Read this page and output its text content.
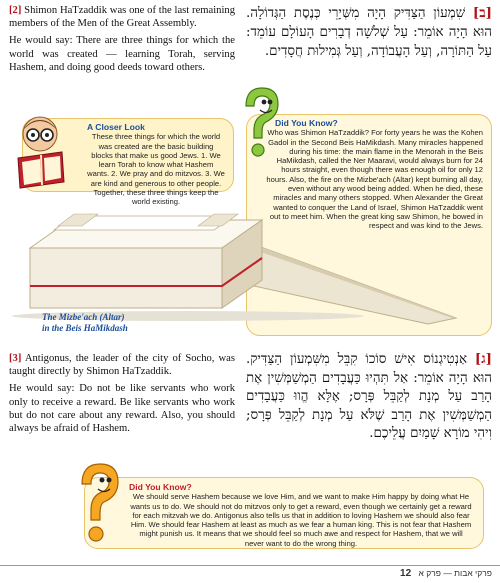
[2] Shimon HaTzaddik was one of the last remaining members of the Men of the Great Assembly.

He would say: There are three things for which the world was created — learning Torah, serving Hashem, and doing good deeds toward others.

[ב] שִׁמְעוֹן הַצַּדִּיק הָיָה מִשְּׁיָרֵי כְּנֶסֶת הַגְּדוֹלָה. הוּא הָיָה אוֹמֵר: עַל שְׁלֹשָׁה דְבָרִים הָעוֹלָם עוֹמֵד: עַל הַתּוֹרָה, וְעַל הָעֲבוֹדָה, וְעַל גְּמִילוּת חֲסָדִים.
A Closer Look
These three things for which the world was created are the basic building blocks that make us good Jews. 1. We learn Torah to know what Hashem wants. 2. We pray and do mitzvos. 3. We are kind and generous to other people. Together, these three things keep the world existing.
Did You Know?
Who was Shimon HaTzaddik? For forty years he was the Kohen Gadol in the Second Beis HaMikdash. Many miracles happened during his time: the main flame in the Menorah in the Beis HaMikdash, called the Ner Maaravi, would always burn for 24 hours straight, even though there was enough oil for only 12 hours. Also, the fire on the Mizbe'ach (Altar) kept burning all day, even without any wood being added. When he died, these miracles and many others stopped. When Alexander the Great wanted to conquer the Land of Israel, Shimon HaTzaddik went out to meet him. When the great king saw Shimon, he bowed in respect and was kind to the Jews.
The Mizbe'ach (Altar)
in the Beis HaMikdash

[3] Antigonus, the leader of the city of Socho, was taught directly by Shimon HaTzaddik.

He would say: Do not be like servants who work only to receive a reward. Be like servants who work but do not care about any reward. Also, you should always be afraid of Hashem.

[ג] אַנְטִיגְנוֹס אִישׁ סוֹכוֹ קִבֵּל מִשִּׁמְעוֹן הַצַּדִּיק. הוּא הָיָה אוֹמֵר: אַל תִּהְיוּ כַּעֲבָדִים הַמְשַׁמְּשִׁין אֶת הָרַב עַל מְנָת לְקַבֵּל פְּרָס; אֶלָּא הֱווּ כַּעֲבָדִים הַמְשַׁמְּשִׁין אֶת הָרַב שֶׁלֹּא עַל מְנָת לְקַבֵּל פְּרָס; וִיהִי מוֹרָא שָׁמַיִם עֲלֵיכֶם.
Did You Know?
We should serve Hashem because we love Him, and we want to make Him happy by doing what He wants us to do. We should not do mitzvos only to get a reward, even though we certainly get a reward for each mitzvah we do. Antigonus also tells us that in addition to loving Hashem we should also fear Him. We should fear Hashem at least as much as we fear a human king. This is not fear that Hashem might punish us. It means that we should feel so much awe and respect for Hashem, that we will never want to do the wrong thing.
12 פרקי אבות — פרק א
